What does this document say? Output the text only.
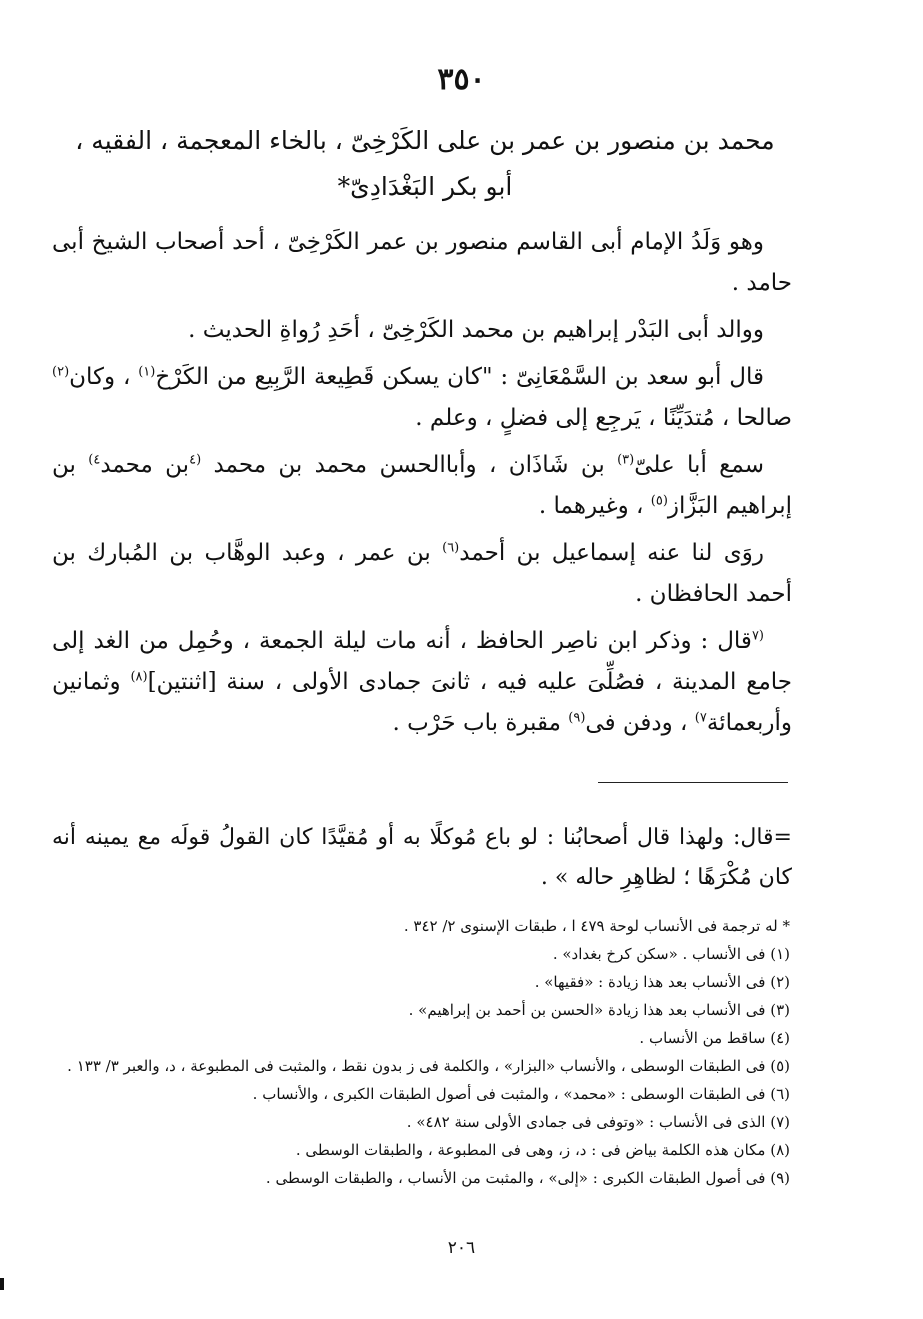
٣٥٠
محمد بن منصور بن عمر بن على الكَرْخِىّ ، بالخاء المعجمة ، الفقيه ،
أبو بكر البَغْدَادِىّ*

وهو وَلَدُ الإمام أبى القاسم منصور بن عمر الكَرْخِىّ ، أحد أصحاب الشيخ أبى حامد .

ووالد أبى البَدْر إبراهيم بن محمد الكَرْخِىّ ، أحَدِ رُواةِ الحديث .

قال أبو سعد بن السَّمْعَانِىّ : "كان يسكن قَطِيعة الرَّبِيع من الكَرْخ$^{(١)}$ ، وكان$^{(٢)}$ صالحا ، مُتدَيِّنًا ، يَرجِع إلى فضلٍ ، وعلم .

سمع أبا علىّ$^{(٣)}$ بن شَاذَان ، وأباالحسن محمد بن محمد $^{(٤}$بن محمد$^{٤)}$ بن إبراهيم البَزَّاز$^{(٥)}$ ، وغيرهما .

روَى لنا عنه إسماعيل بن أحمد$^{(٦)}$ بن عمر ، وعبد الوهَّاب بن المُبارك بن أحمد الحافظان .

$^{(٧}$قال : وذكر ابن ناصِر الحافظ ، أنه مات ليلة الجمعة ، وحُمِل من الغد إلى جامع المدينة ، فصُلِّىَ عليه فيه ، ثانىَ جمادى الأولى ، سنة [اثنتين]$^{(٨)}$ وثمانين وأربعمائة$^{٧)}$ ، ودفن فى$^{(٩)}$ مقبرة باب حَرْب .

=قال: ولهذا قال أصحابُنا : لو باع مُوكلًا به أو مُقيَّدًا كان القولُ قولَه مع يمينه أنه كان مُكْرَهًا ؛ لظاهِرِ حاله » .
* له ترجمة فى الأنساب لوحة ٤٧٩ ا ، طبقات الإسنوى ٢/ ٣٤٢ .
(١) فى الأنساب . «سكن كرخ بغداد» .
(٢) فى الأنساب بعد هذا زيادة : «فقيها» .
(٣) فى الأنساب بعد هذا زيادة «الحسن بن أحمد بن إبراهيم» .
(٤) ساقط من الأنساب .
(٥) فى الطبقات الوسطى ، والأنساب «البزار» ، والكلمة فى ز بدون نقط ، والمثبت فى المطبوعة ، د، والعبر ٣/ ١٣٣ .
(٦) فى الطبقات الوسطى : «محمد» ، والمثبت فى أصول الطبقات الكبرى ، والأنساب .
(٧) الذى فى الأنساب : «وتوفى فى جمادى الأولى سنة ٤٨٢» .
(٨) مكان هذه الكلمة بياض فى : د، ز، وهى فى المطبوعة ، والطبقات الوسطى .
(٩) فى أصول الطبقات الكبرى : «إلى» ، والمثبت من الأنساب ، والطبقات الوسطى .
٢٠٦
